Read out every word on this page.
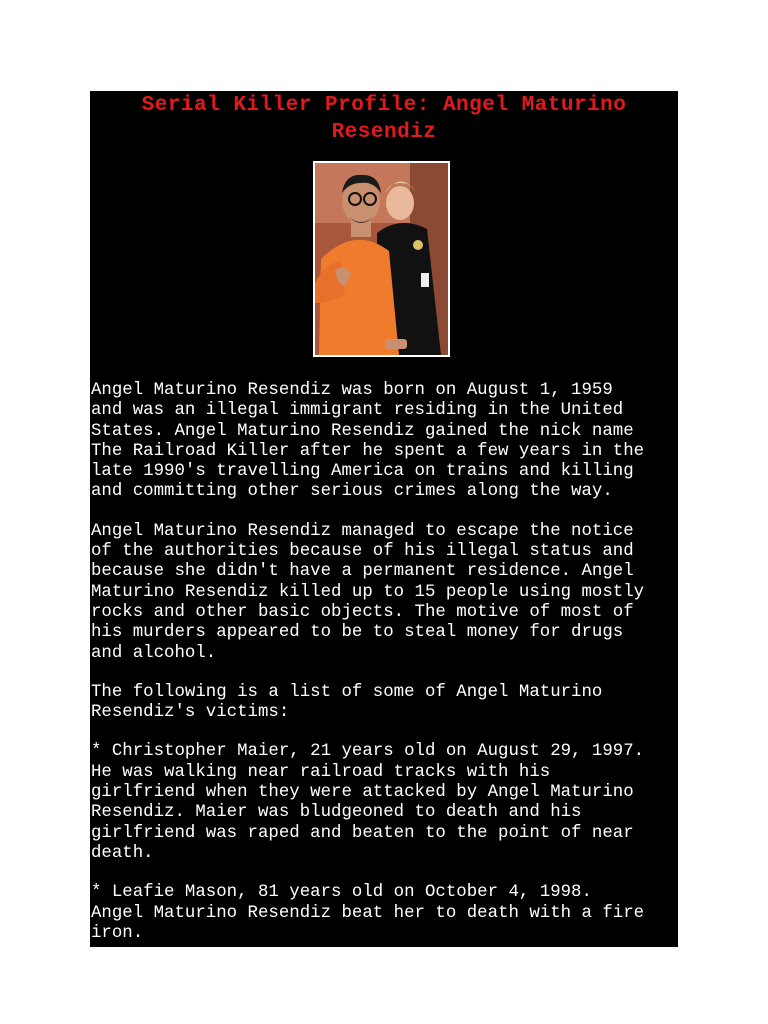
Serial Killer Profile: Angel Maturino Resendiz

Angel Maturino Resendiz was born on August 1, 1959
and was an illegal immigrant residing in the United
States. Angel Maturino Resendiz gained the nick name
The Railroad Killer after he spent a few years in the
late 1990's travelling America on trains and killing
and committing other serious crimes along the way.

Angel Maturino Resendiz managed to escape the notice
of the authorities because of his illegal status and
because she didn't have a permanent residence. Angel
Maturino Resendiz killed up to 15 people using mostly
rocks and other basic objects. The motive of most of
his murders appeared to be to steal money for drugs
and alcohol.

The following is a list of some of Angel Maturino
Resendiz's victims:

* Christopher Maier, 21 years old on August 29, 1997.
He was walking near railroad tracks with his
girlfriend when they were attacked by Angel Maturino
Resendiz. Maier was bludgeoned to death and his
girlfriend was raped and beaten to the point of near
death.

* Leafie Mason, 81 years old on October 4, 1998.
Angel Maturino Resendiz beat her to death with a fire
iron.
